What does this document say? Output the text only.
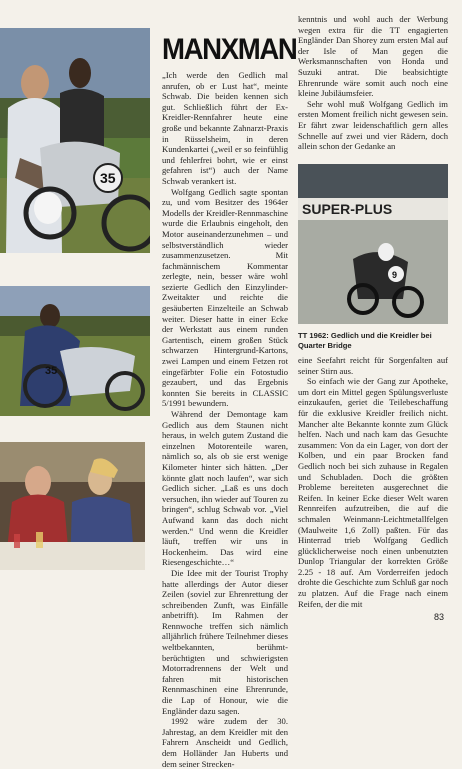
35
35
SUPER-PLUS
9
MANXMAN

„Ich werde den Gedlich mal anrufen, ob er Lust hat“, meinte Schwab. Die beiden kennen sich gut. Schließlich führt der Ex-Kreidler-Rennfahrer heute eine große und bekannte Zahnarzt-Praxis in Rüsselsheim, in deren Kundenkartei („weil er so feinfühlig und fehlerfrei bohrt, wie er einst gefahren ist“) auch der Name Schwab verankert ist.

Wolfgang Gedlich sagte spontan zu, und vom Besitzer des 1964er Modells der Kreidler-Rennmaschine wurde die Erlaubnis eingeholt, den Motor auseinanderzunehmen – und selbstverständlich wieder zusammenzusetzen. Mit fachmännischem Kommentar zerlegte, nein, besser wäre wohl sezierte Gedlich den Einzylinder-Zweitakter und reichte die gesäuberten Einzelteile an Schwab weiter. Dieser hatte in einer Ecke der Werkstatt aus einem runden Gartentisch, einem großen Stück schwarzen Hintergrund-Kartons, zwei Lampen und einem Fetzen rot eingefärbter Folie ein Fotostudio gezaubert, und das Ergebnis konnten Sie bereits in CLASSIC 5/1991 bewundern.

Während der Demontage kam Gedlich aus dem Staunen nicht heraus, in welch gutem Zustand die einzelnen Motorenteile waren, nämlich so, als ob sie erst wenige Kilometer hinter sich hätten. „Der könnte glatt noch laufen“, war sich Gedlich sicher. „Laß es uns doch versuchen, ihn wieder auf Touren zu bringen“, schlug Schwab vor. „Viel Aufwand kann das doch nicht werden.“ Und wenn die Kreidler läuft, treffen wir uns in Hockenheim. Das wird eine Riesengeschichte…“

Die Idee mit der Tourist Trophy hatte allerdings der Autor dieser Zeilen (soviel zur Ehrenrettung der schreibenden Zunft, was Einfälle anbetrifft). Im Rahmen der Rennwoche treffen sich nämlich alljährlich frühere Teilnehmer dieses weltbekannten, berühmt-berüchtigten und schwierigsten Motorradrennens der Welt und fahren mit historischen Rennmaschinen eine Ehrenrunde, die Lap of Honour, wie die Engländer dazu sagen.

1992 wäre zudem der 30. Jahrestag, an dem Kreidler mit den Fahrern Anscheidt und Gedlich, dem Holländer Jan Huberts und dem seiner Strecken-

kenntnis und wohl auch der Werbung wegen extra für die TT engagierten Engländer Dan Shorey zum ersten Mal auf der Isle of Man gegen die Werksmannschaften von Honda und Suzuki antrat. Die beabsichtigte Ehrenrunde wäre somit auch noch eine kleine Jubiläumsfeier.

Sehr wohl muß Wolfgang Gedlich im ersten Moment freilich nicht gewesen sein. Er fährt zwar leidenschaftlich gern alles Schnelle auf zwei und vier Rädern, doch allein schon der Gedanke an

TT 1962: Gedlich und die Kreidler bei Quarter Bridge

eine Seefahrt reicht für Sorgenfalten auf seiner Stirn aus.

So einfach wie der Gang zur Apotheke, um dort ein Mittel gegen Spülungsverluste einzukaufen, geriet die Teilebeschaffung für die exklusive Kreidler freilich nicht. Mancher alte Bekannte konnte zum Glück helfen. Nach und nach kam das Gesuchte zusammen: Von da ein Lager, von dort der Kolben, und ein paar Brocken fand Gedlich noch bei sich zuhause in Regalen und Schubladen. Doch die größten Probleme bereiteten ausgerechnet die Reifen. In keiner Ecke dieser Welt waren Rennreifen aufzutreiben, die auf die schmalen Weinmann-Leichtmetallfelgen (Maulweite 1,6 Zoll) paßten. Für das Hinterrad trieb Wolfgang Gedlich glücklicherweise noch einen unbenutzten Dunlop Triangular der korrekten Größe 2.25 - 18 auf. Am Vorderreifen jedoch drohte die Geschichte zum Schluß gar noch zu platzen. Auf die Frage nach einem Reifen, der die mit

83
